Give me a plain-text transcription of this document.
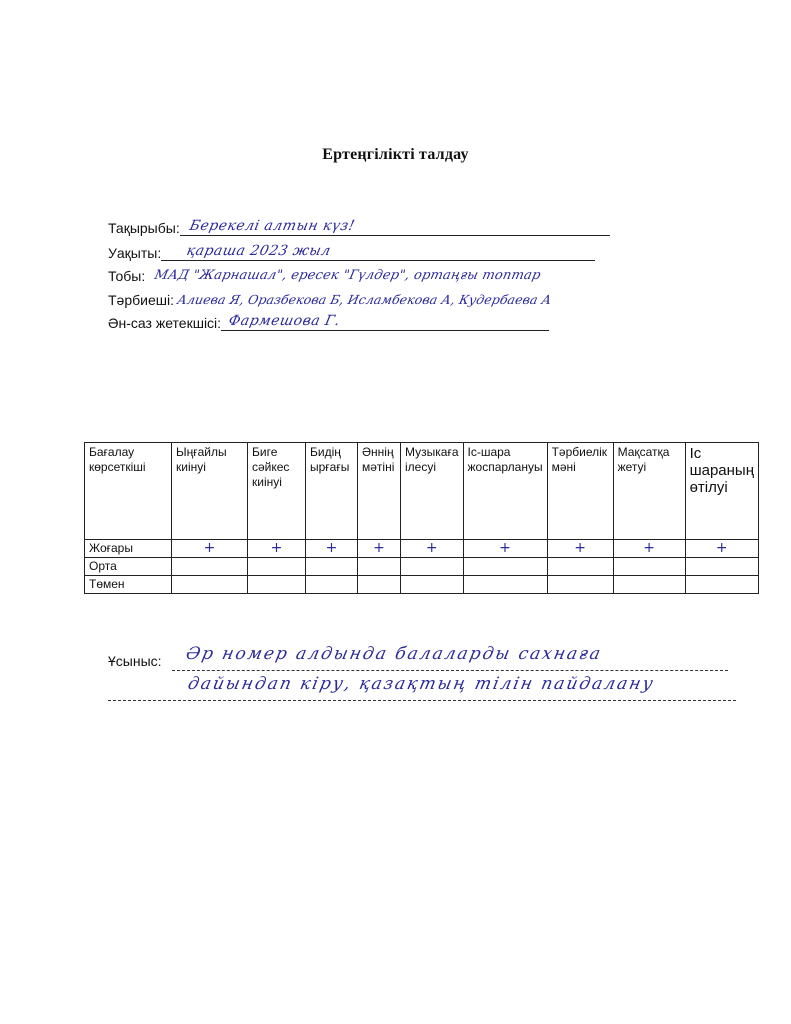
Ертеңгілікті талдау
Тақырыбы: Берекелі алтын күз!
Уақыты: қараша 2023 жыл
Тобы: МАД "Жарнашал", ересек "Гүлдер", ортаңғы топтар
Тәрбиеші: Алиева Я, Оразбекова Б, Исламбекова А, Кудербаева А
Ән-саз жетекшісі: Фармешова Г.
Бағалау көрсеткіші	Ыңғайлы киінуі	Биге сәйкес киінуі	Бидің ырғағы	Әннің мәтіні	Музыкаға ілесуі	Іс-шара жоспарлануы	Тәрбиелік мәні	Мақсатқа жетуі	Іс шараның өтілуі
Жоғары	+	+	+	+	+	+	+	+	+

Орта									
Төмен									
Ұсыныс: Әр номер алдында балаларды сахнаға
дайындап кіру, қазақтың тілін пайдалану
